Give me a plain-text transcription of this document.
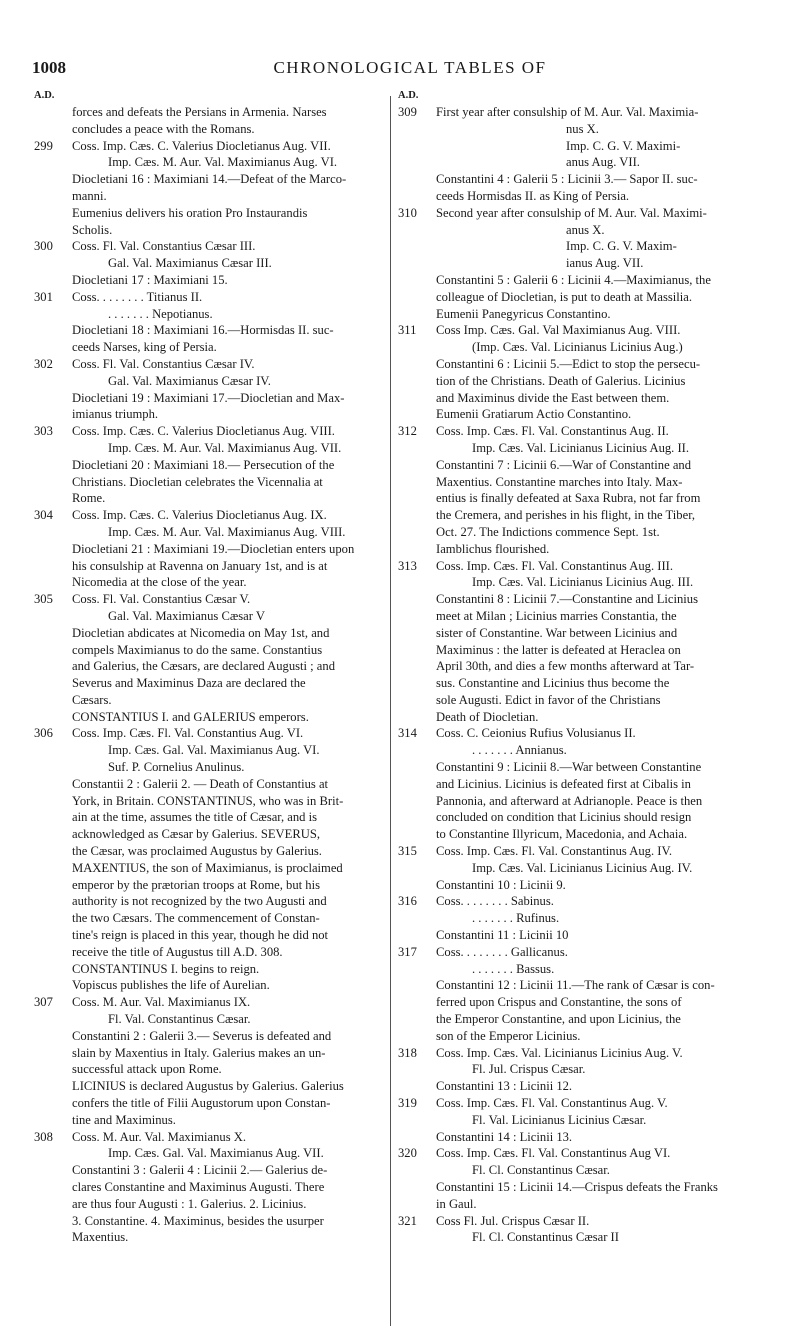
1008	CHRONOLOGICAL TABLES OF
A.D.
forces and defeats the Persians in Armenia. Narses
concludes a peace with the Romans.
299	Coss. Imp. Cæs. C. Valerius Diocletianus Aug. VII.
Imp. Cæs. M. Aur. Val. Maximianus Aug. VI.
Diocletiani 16 : Maximiani 14.—Defeat of the Marco-
manni.
Eumenius delivers his oration Pro Instaurandis
Scholis.
300	Coss. Fl. Val. Constantius Cæsar III.
Gal. Val. Maximianus Cæsar III.
Diocletiani 17 : Maximiani 15.
301	Coss. . . . . . . . Titianus II.
. . . . . . . Nepotianus.
Diocletiani 18 : Maximiani 16.—Hormisdas II. suc-
ceeds Narses, king of Persia.
302	Coss. Fl. Val. Constantius Cæsar IV.
Gal. Val. Maximianus Cæsar IV.
Diocletiani 19 : Maximiani 17.—Diocletian and Max-
imianus triumph.
303	Coss. Imp. Cæs. C. Valerius Diocletianus Aug. VIII.
Imp. Cæs. M. Aur. Val. Maximianus Aug. VII.
Diocletiani 20 : Maximiani 18.— Persecution of the
Christians. Diocletian celebrates the Vicennalia at
Rome.
304	Coss. Imp. Cæs. C. Valerius Diocletianus Aug. IX.
Imp. Cæs. M. Aur. Val. Maximianus Aug. VIII.
Diocletiani 21 : Maximiani 19.—Diocletian enters upon
his consulship at Ravenna on January 1st, and is at
Nicomedia at the close of the year.
305	Coss. Fl. Val. Constantius Cæsar V.
Gal. Val. Maximianus Cæsar V
Diocletian abdicates at Nicomedia on May 1st, and
compels Maximianus to do the same. Constantius
and Galerius, the Cæsars, are declared Augusti ; and
Severus and Maximinus Daza are declared the
Cæsars.
CONSTANTIUS I. and GALERIUS emperors.
306	Coss. Imp. Cæs. Fl. Val. Constantius Aug. VI.
Imp. Cæs. Gal. Val. Maximianus Aug. VI.
Suf. P. Cornelius Anulinus.
Constantii 2 : Galerii 2. — Death of Constantius at
York, in Britain. CONSTANTINUS, who was in Brit-
ain at the time, assumes the title of Cæsar, and is
acknowledged as Cæsar by Galerius. SEVERUS,
the Cæsar, was proclaimed Augustus by Galerius.
MAXENTIUS, the son of Maximianus, is proclaimed
emperor by the prætorian troops at Rome, but his
authority is not recognized by the two Augusti and
the two Cæsars. The commencement of Constan-
tine's reign is placed in this year, though he did not
receive the title of Augustus till A.D. 308.
CONSTANTINUS I. begins to reign.
Vopiscus publishes the life of Aurelian.
307	Coss. M. Aur. Val. Maximianus IX.
Fl. Val. Constantinus Cæsar.
Constantini 2 : Galerii 3.— Severus is defeated and
slain by Maxentius in Italy. Galerius makes an un-
successful attack upon Rome.
LICINIUS is declared Augustus by Galerius. Galerius
confers the title of Filii Augustorum upon Constan-
tine and Maximinus.
308	Coss. M. Aur. Val. Maximianus X.
Imp. Cæs. Gal. Val. Maximianus Aug. VII.
Constantini 3 : Galerii 4 : Licinii 2.— Galerius de-
clares Constantine and Maximinus Augusti. There
are thus four Augusti : 1. Galerius. 2. Licinius.
3. Constantine. 4. Maximinus, besides the usurper
Maxentius.
A.D.
309	First year after consulship of M. Aur. Val. Maximia-
nus X.
Imp. C. G. V. Maximi-
anus Aug. VII.
Constantini 4 : Galerii 5 : Licinii 3.— Sapor II. suc-
ceeds Hormisdas II. as King of Persia.
310	Second year after consulship of M. Aur. Val. Maximi-
anus X.
Imp. C. G. V. Maxim-
ianus Aug. VII.
Constantini 5 : Galerii 6 : Licinii 4.—Maximianus, the
colleague of Diocletian, is put to death at Massilia.
Eumenii Panegyricus Constantino.
311	Coss Imp. Cæs. Gal. Val Maximianus Aug. VIII.
(Imp. Cæs. Val. Licinianus Licinius Aug.)
Constantini 6 : Licinii 5.—Edict to stop the persecu-
tion of the Christians. Death of Galerius. Licinius
and Maximinus divide the East between them.
Eumenii Gratiarum Actio Constantino.
312	Coss. Imp. Cæs. Fl. Val. Constantinus Aug. II.
Imp. Cæs. Val. Licinianus Licinius Aug. II.
Constantini 7 : Licinii 6.—War of Constantine and
Maxentius. Constantine marches into Italy. Max-
entius is finally defeated at Saxa Rubra, not far from
the Cremera, and perishes in his flight, in the Tiber,
Oct. 27. The Indictions commence Sept. 1st.
Iamblichus flourished.
313	Coss. Imp. Cæs. Fl. Val. Constantinus Aug. III.
Imp. Cæs. Val. Licinianus Licinius Aug. III.
Constantini 8 : Licinii 7.—Constantine and Licinius
meet at Milan ; Licinius marries Constantia, the
sister of Constantine. War between Licinius and
Maximinus : the latter is defeated at Heraclea on
April 30th, and dies a few months afterward at Tar-
sus. Constantine and Licinius thus become the
sole Augusti. Edict in favor of the Christians
Death of Diocletian.
314	Coss. C. Ceionius Rufius Volusianus II.
. . . . . . . Annianus.
Constantini 9 : Licinii 8.—War between Constantine
and Licinius. Licinius is defeated first at Cibalis in
Pannonia, and afterward at Adrianople. Peace is then
concluded on condition that Licinius should resign
to Constantine Illyricum, Macedonia, and Achaia.
315	Coss. Imp. Cæs. Fl. Val. Constantinus Aug. IV.
Imp. Cæs. Val. Licinianus Licinius Aug. IV.
Constantini 10 : Licinii 9.
316	Coss. . . . . . . . Sabinus.
. . . . . . . Rufinus.
Constantini 11 : Licinii 10
317	Coss. . . . . . . . Gallicanus.
. . . . . . . Bassus.
Constantini 12 : Licinii 11.—The rank of Cæsar is con-
ferred upon Crispus and Constantine, the sons of
the Emperor Constantine, and upon Licinius, the
son of the Emperor Licinius.
318	Coss. Imp. Cæs. Val. Licinianus Licinius Aug. V.
Fl. Jul. Crispus Cæsar.
Constantini 13 : Licinii 12.
319	Coss. Imp. Cæs. Fl. Val. Constantinus Aug. V.
Fl. Val. Licinianus Licinius Cæsar.
Constantini 14 : Licinii 13.
320	Coss. Imp. Cæs. Fl. Val. Constantinus Aug VI.
Fl. Cl. Constantinus Cæsar.
Constantini 15 : Licinii 14.—Crispus defeats the Franks
in Gaul.
321	Coss Fl. Jul. Crispus Cæsar II.
Fl. Cl. Constantinus Cæsar II
